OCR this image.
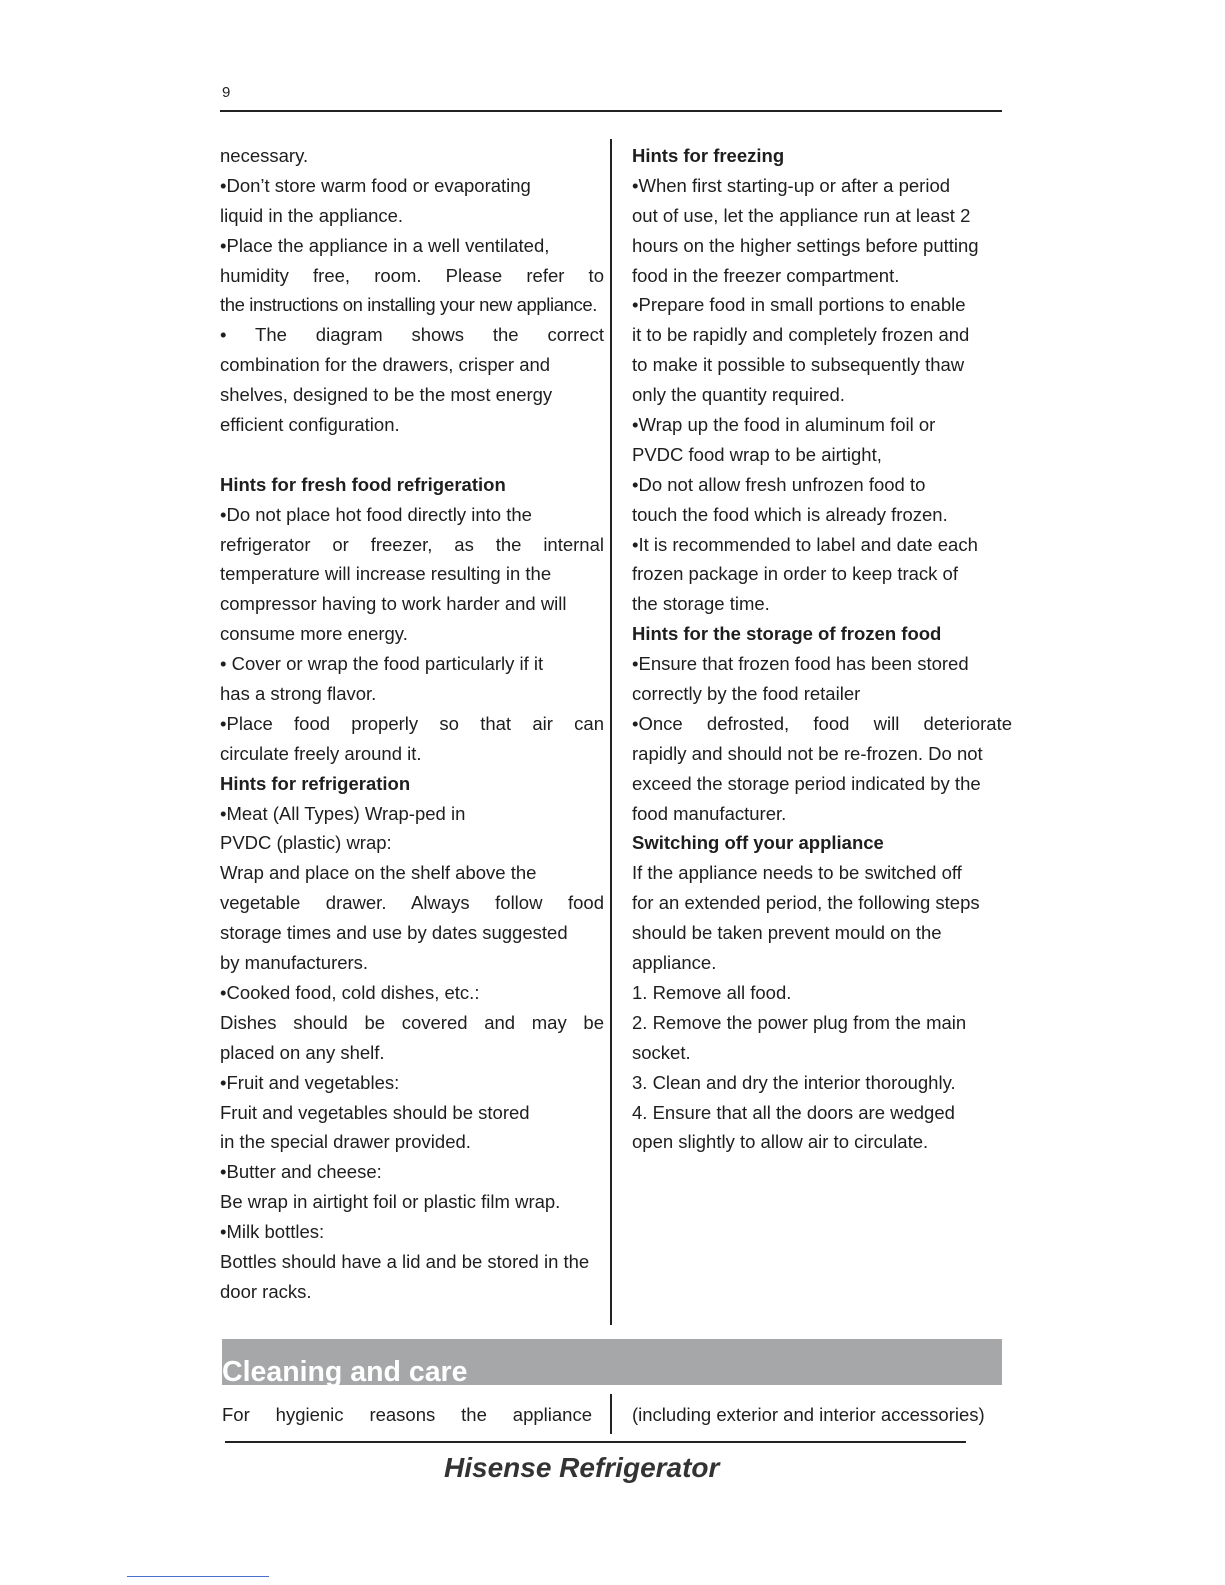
9
necessary.
•Don’t store warm food or evaporating
liquid in the appliance.
•Place the appliance in a well ventilated,
humidity free, room. Please refer to
the instructions on installing your new appliance.
• The diagram shows the correct
combination for the drawers, crisper and
shelves, designed to be the most energy
efficient configuration.
Hints for fresh food refrigeration
•Do not place hot food directly into the
refrigerator or freezer, as the internal
temperature will increase resulting in the
compressor having to work harder and will
consume more energy.
• Cover or wrap the food particularly if it
has a strong flavor.
•Place food properly so that air can
circulate freely around it.
Hints for refrigeration
•Meat (All Types) Wrap-ped in
PVDC (plastic) wrap:
Wrap and place on the shelf above the
vegetable drawer. Always follow food
storage times and use by dates suggested
by manufacturers.
•Cooked food, cold dishes, etc.:
Dishes should be covered and may be
placed on any shelf.
•Fruit and vegetables:
Fruit and vegetables should be stored
in the special drawer provided.
•Butter and cheese:
Be wrap in airtight foil or plastic film wrap.
•Milk bottles:
Bottles should have a lid and be stored in the
door racks.
Hints for freezing
•When first starting-up or after a period
out of use, let the appliance run at least 2
hours on the higher settings before putting
food in the freezer compartment.
•Prepare food in small portions to enable
it to be rapidly and completely frozen and
to make it possible to subsequently thaw
only the quantity required.
•Wrap up the food in aluminum foil or
PVDC food wrap to be airtight,
•Do not allow fresh unfrozen food to
touch the food which is already frozen.
•It is recommended to label and date each
frozen package in order to keep track of
the storage time.
Hints for the storage of frozen food
•Ensure that frozen food has been stored
correctly by the food retailer
•Once defrosted, food will deteriorate
rapidly and should not be re-frozen. Do not
exceed the storage period indicated by the
food manufacturer.
Switching off your appliance
If the appliance needs to be switched off
for an extended period, the following steps
should be taken prevent mould on the
appliance.
1. Remove all food.
2. Remove the power plug from the main
socket.
3. Clean and dry the interior thoroughly.
4. Ensure that all the doors are wedged
open slightly to allow air to circulate.
Cleaning and care
For hygienic reasons the appliance (including exterior and interior accessories)
Hisense Refrigerator
